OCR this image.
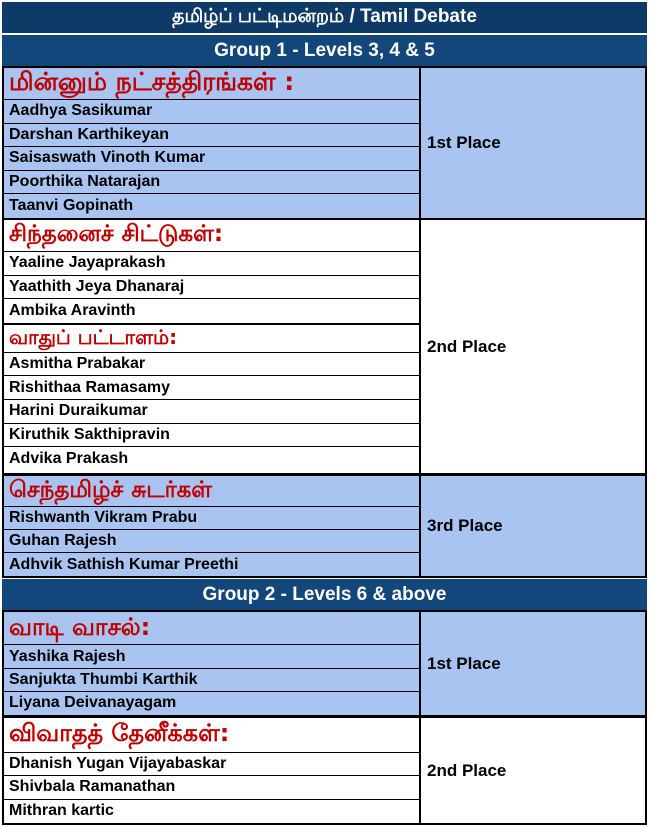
தமிழ்ப் பட்டிமன்றம் / Tamil Debate
Group 1 - Levels 3, 4 & 5
மின்னும் நட்சத்திரங்கள் :
Aadhya Sasikumar
Darshan Karthikeyan
Saisaswath Vinoth Kumar
Poorthika Natarajan
Taanvi Gopinath
1st Place
சிந்தனைச் சிட்டுகள்:
Yaaline Jayaprakash
Yaathith Jeya Dhanaraj
Ambika Aravinth
வாதுப் பட்டாளம்:
Asmitha Prabakar
Rishithaa Ramasamy
Harini Duraikumar
Kiruthik Sakthipravin
Advika Prakash
2nd Place
செந்தமிழ்ச் சுடர்கள்
Rishwanth Vikram Prabu
Guhan Rajesh
Adhvik Sathish Kumar Preethi
3rd Place
Group 2 - Levels 6 & above
வாடி வாசல்:
Yashika Rajesh
Sanjukta Thumbi Karthik
Liyana Deivanayagam
1st Place
விவாதத் தேனீக்கள்:
Dhanish Yugan Vijayabaskar
Shivbala Ramanathan
Mithran kartic
2nd Place
